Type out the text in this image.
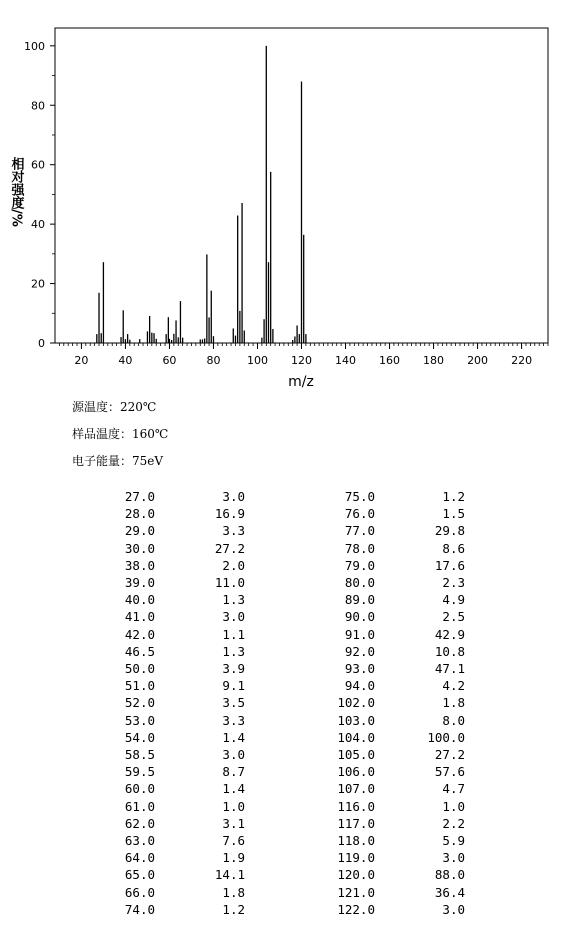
20	40	60	80 100 120 140 160 180 200 220
0
20
40
60
80
100
m/z
相对强度/%
源温度：220℃
样品温度：160℃
电子能量：75eV
27.0	3.0	75.0	1.2
28.0	16.9	76.0	1.5
29.0	3.3	77.0	29.8
30.0	27.2	78.0	8.6
38.0	2.0	79.0	17.6
39.0	11.0	80.0	2.3
40.0	1.3	89.0	4.9
41.0	3.0	90.0	2.5
42.0	1.1	91.0	42.9
46.5	1.3	92.0	10.8
50.0	3.9	93.0	47.1
51.0	9.1	94.0	4.2
52.0	3.5	102.0	1.8
53.0	3.3	103.0	8.0
54.0	1.4	104.0	100.0
58.5	3.0	105.0	27.2
59.5	8.7	106.0	57.6
60.0	1.4	107.0	4.7
61.0	1.0	116.0	1.0
62.0	3.1	117.0	2.2
63.0	7.6	118.0	5.9
64.0	1.9	119.0	3.0
65.0	14.1	120.0	88.0
66.0	1.8	121.0	36.4
74.0	1.2	122.0	3.0
